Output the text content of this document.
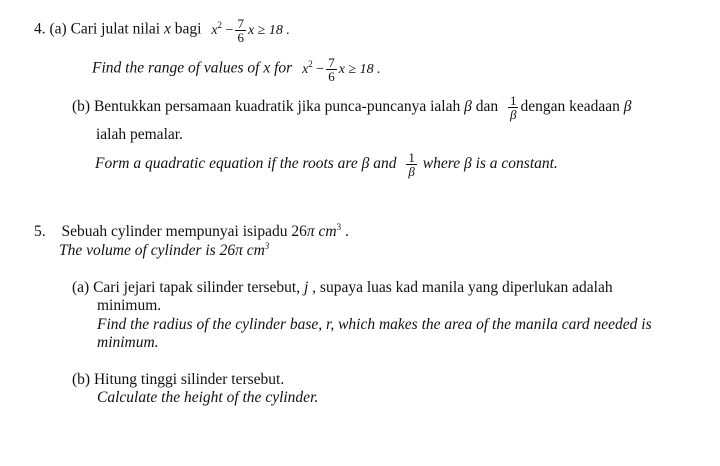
4. (a) Cari julat nilai x bagi $x^2 - \frac{7}{6}$ x ≥ 18 .
Find the range of values of x for $x^2 - \frac{7}{6}$ x ≥ 18 .
(b) Bentukkan persamaan kuadratik jika punca-puncanya ialah β dan $\frac{1}{\beta}$ dengan keadaan β
ialah pemalar.
Form a quadratic equation if the roots are β and $\frac{1}{\beta}$ where β is a constant.
5. Sebuah cylinder mempunyai isipadu 26π $cm^3$ .
The volume of cylinder is 26π $cm^3$
(a) Cari jejari tapak silinder tersebut, j , supaya luas kad manila yang diperlukan adalah
minimum.
Find the radius of the cylinder base, r, which makes the area of the manila card needed is
minimum.
(b) Hitung tinggi silinder tersebut.
Calculate the height of the cylinder.
